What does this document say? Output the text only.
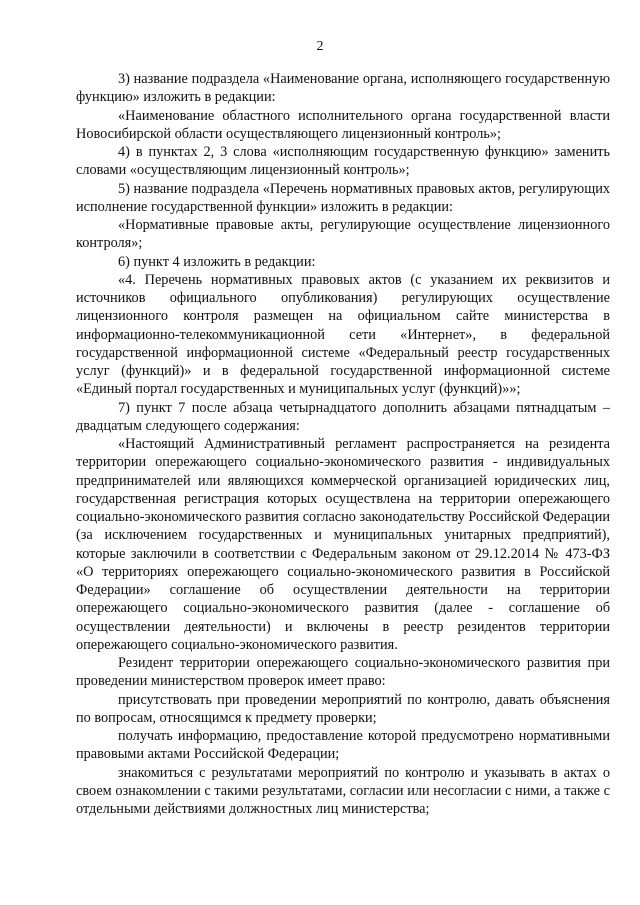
2

3) название подраздела «Наименование органа, исполняющего государственную функцию» изложить в редакции:

«Наименование областного исполнительного органа государственной власти Новосибирской области осуществляющего лицензионный контроль»;

4) в пунктах 2, 3 слова «исполняющим государственную функцию» заменить словами «осуществляющим лицензионный контроль»;

5) название подраздела «Перечень нормативных правовых актов, регулирующих исполнение государственной функции» изложить в редакции:

«Нормативные правовые акты, регулирующие осуществление лицензионного контроля»;

6) пункт 4 изложить в редакции:

«4. Перечень нормативных правовых актов (с указанием их реквизитов и источников официального опубликования) регулирующих осуществление лицензионного контроля размещен на официальном сайте министерства в информационно-телекоммуникационной сети «Интернет», в федеральной государственной информационной системе «Федеральный реестр государственных услуг (функций)» и в федеральной государственной информационной системе «Единый портал государственных и муниципальных услуг (функций)»»;

7) пункт 7 после абзаца четырнадцатого дополнить абзацами пятнадцатым – двадцатым следующего содержания:

«Настоящий Административный регламент распространяется на резидента территории опережающего социально-экономического развития - индивидуальных предпринимателей или являющихся коммерческой организацией юридических лиц, государственная регистрация которых осуществлена на территории опережающего социально-экономического развития согласно законодательству Российской Федерации (за исключением государственных и муниципальных унитарных предприятий), которые заключили в соответствии с Федеральным законом от 29.12.2014 № 473-ФЗ «О территориях опережающего социально-экономического развития в Российской Федерации» соглашение об осуществлении деятельности на территории опережающего социально-экономического развития (далее - соглашение об осуществлении деятельности) и включены в реестр резидентов территории опережающего социально-экономического развития.

Резидент территории опережающего социально-экономического развития при проведении министерством проверок имеет право:

присутствовать при проведении мероприятий по контролю, давать объяснения по вопросам, относящимся к предмету проверки;

получать информацию, предоставление которой предусмотрено нормативными правовыми актами Российской Федерации;

знакомиться с результатами мероприятий по контролю и указывать в актах о своем ознакомлении с такими результатами, согласии или несогласии с ними, а также с отдельными действиями должностных лиц министерства;
